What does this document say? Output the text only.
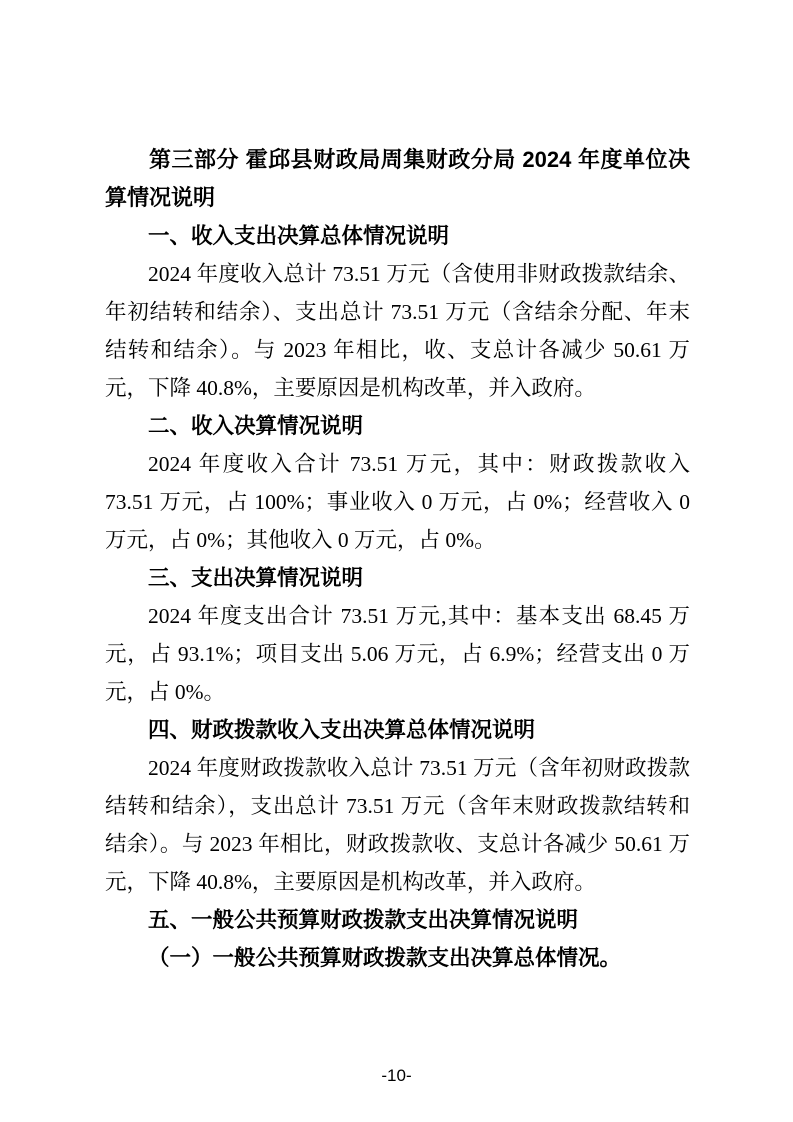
第三部分 霍邱县财政局周集财政分局 2024 年度单位决算情况说明

一、收入支出决算总体情况说明

2024 年度收入总计 73.51 万元（含使用非财政拨款结余、年初结转和结余）、支出总计 73.51 万元（含结余分配、年末结转和结余）。与 2023 年相比，收、支总计各减少 50.61 万元，下降 40.8%，主要原因是机构改革，并入政府。

二、收入决算情况说明

2024 年度收入合计 73.51 万元，其中：财政拨款收入 73.51 万元，占 100%；事业收入 0 万元，占 0%；经营收入 0 万元，占 0%；其他收入 0 万元，占 0%。

三、支出决算情况说明

2024 年度支出合计 73.51 万元,其中：基本支出 68.45 万元，占 93.1%；项目支出 5.06 万元，占 6.9%；经营支出 0 万元，占 0%。

四、财政拨款收入支出决算总体情况说明

2024 年度财政拨款收入总计 73.51 万元（含年初财政拨款结转和结余），支出总计 73.51 万元（含年末财政拨款结转和结余）。与 2023 年相比，财政拨款收、支总计各减少 50.61 万元，下降 40.8%，主要原因是机构改革，并入政府。

五、一般公共预算财政拨款支出决算情况说明

（一）一般公共预算财政拨款支出决算总体情况。

-10-
